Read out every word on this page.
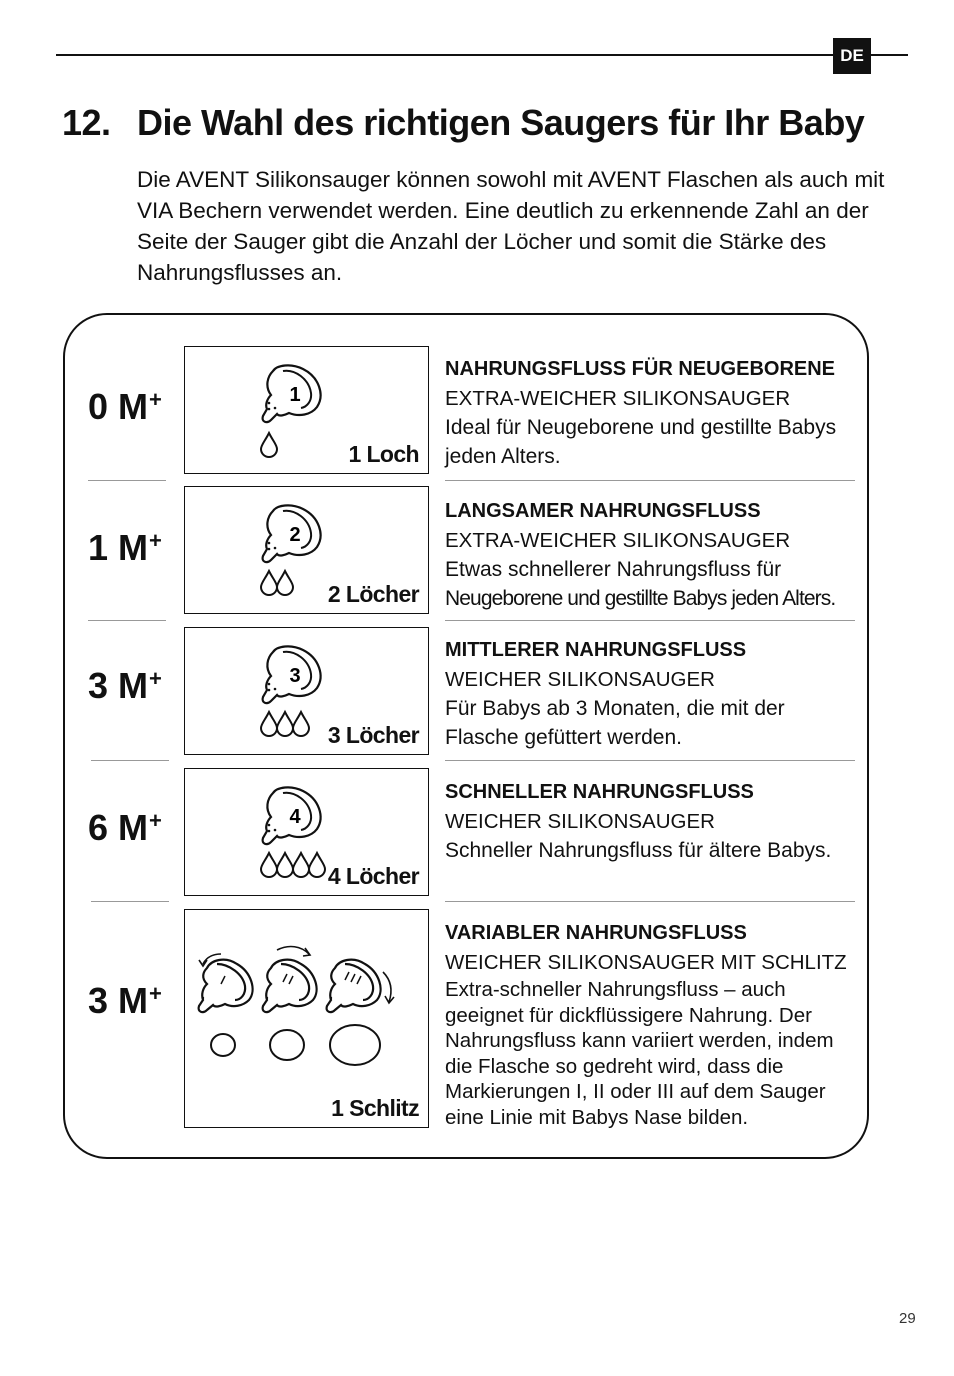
DE
12. Die Wahl des richtigen Saugers für Ihr Baby
Die AVENT Silikonsauger können sowohl mit AVENT Flaschen als auch mit VIA Bechern verwendet werden. Eine deutlich zu erkennende Zahl an der Seite der Sauger gibt die Anzahl der Löcher und somit die Stärke des Nahrungsflusses an.
0 M+	1
1 Loch
NAHRUNGSFLUSS FÜR NEUGEBORENE
EXTRA-WEICHER SILIKONSAUGER
Ideal für Neugeborene und gestillte Babys jeden Alters.
1 M+	2
2 Löcher
LANGSAMER NAHRUNGSFLUSS
EXTRA-WEICHER SILIKONSAUGER
Etwas schnellerer Nahrungsfluss für
Neugeborene und gestillte Babys jeden Alters.
3 M+	3
3 Löcher
MITTLERER NAHRUNGSFLUSS
WEICHER SILIKONSAUGER
Für Babys ab 3 Monaten, die mit der Flasche gefüttert werden.
6 M+	4
4 Löcher
SCHNELLER NAHRUNGSFLUSS
WEICHER SILIKONSAUGER
Schneller Nahrungsfluss für ältere Babys.
3 M+
1 Schlitz
VARIABLER NAHRUNGSFLUSS
WEICHER SILIKONSAUGER MIT SCHLITZ
Extra-schneller Nahrungsfluss – auch geeignet für dickflüssigere Nahrung. Der Nahrungsfluss kann variiert werden, indem die Flasche so gedreht wird, dass die Markierungen I, II oder III auf dem Sauger eine Linie mit Babys Nase bilden.
29
